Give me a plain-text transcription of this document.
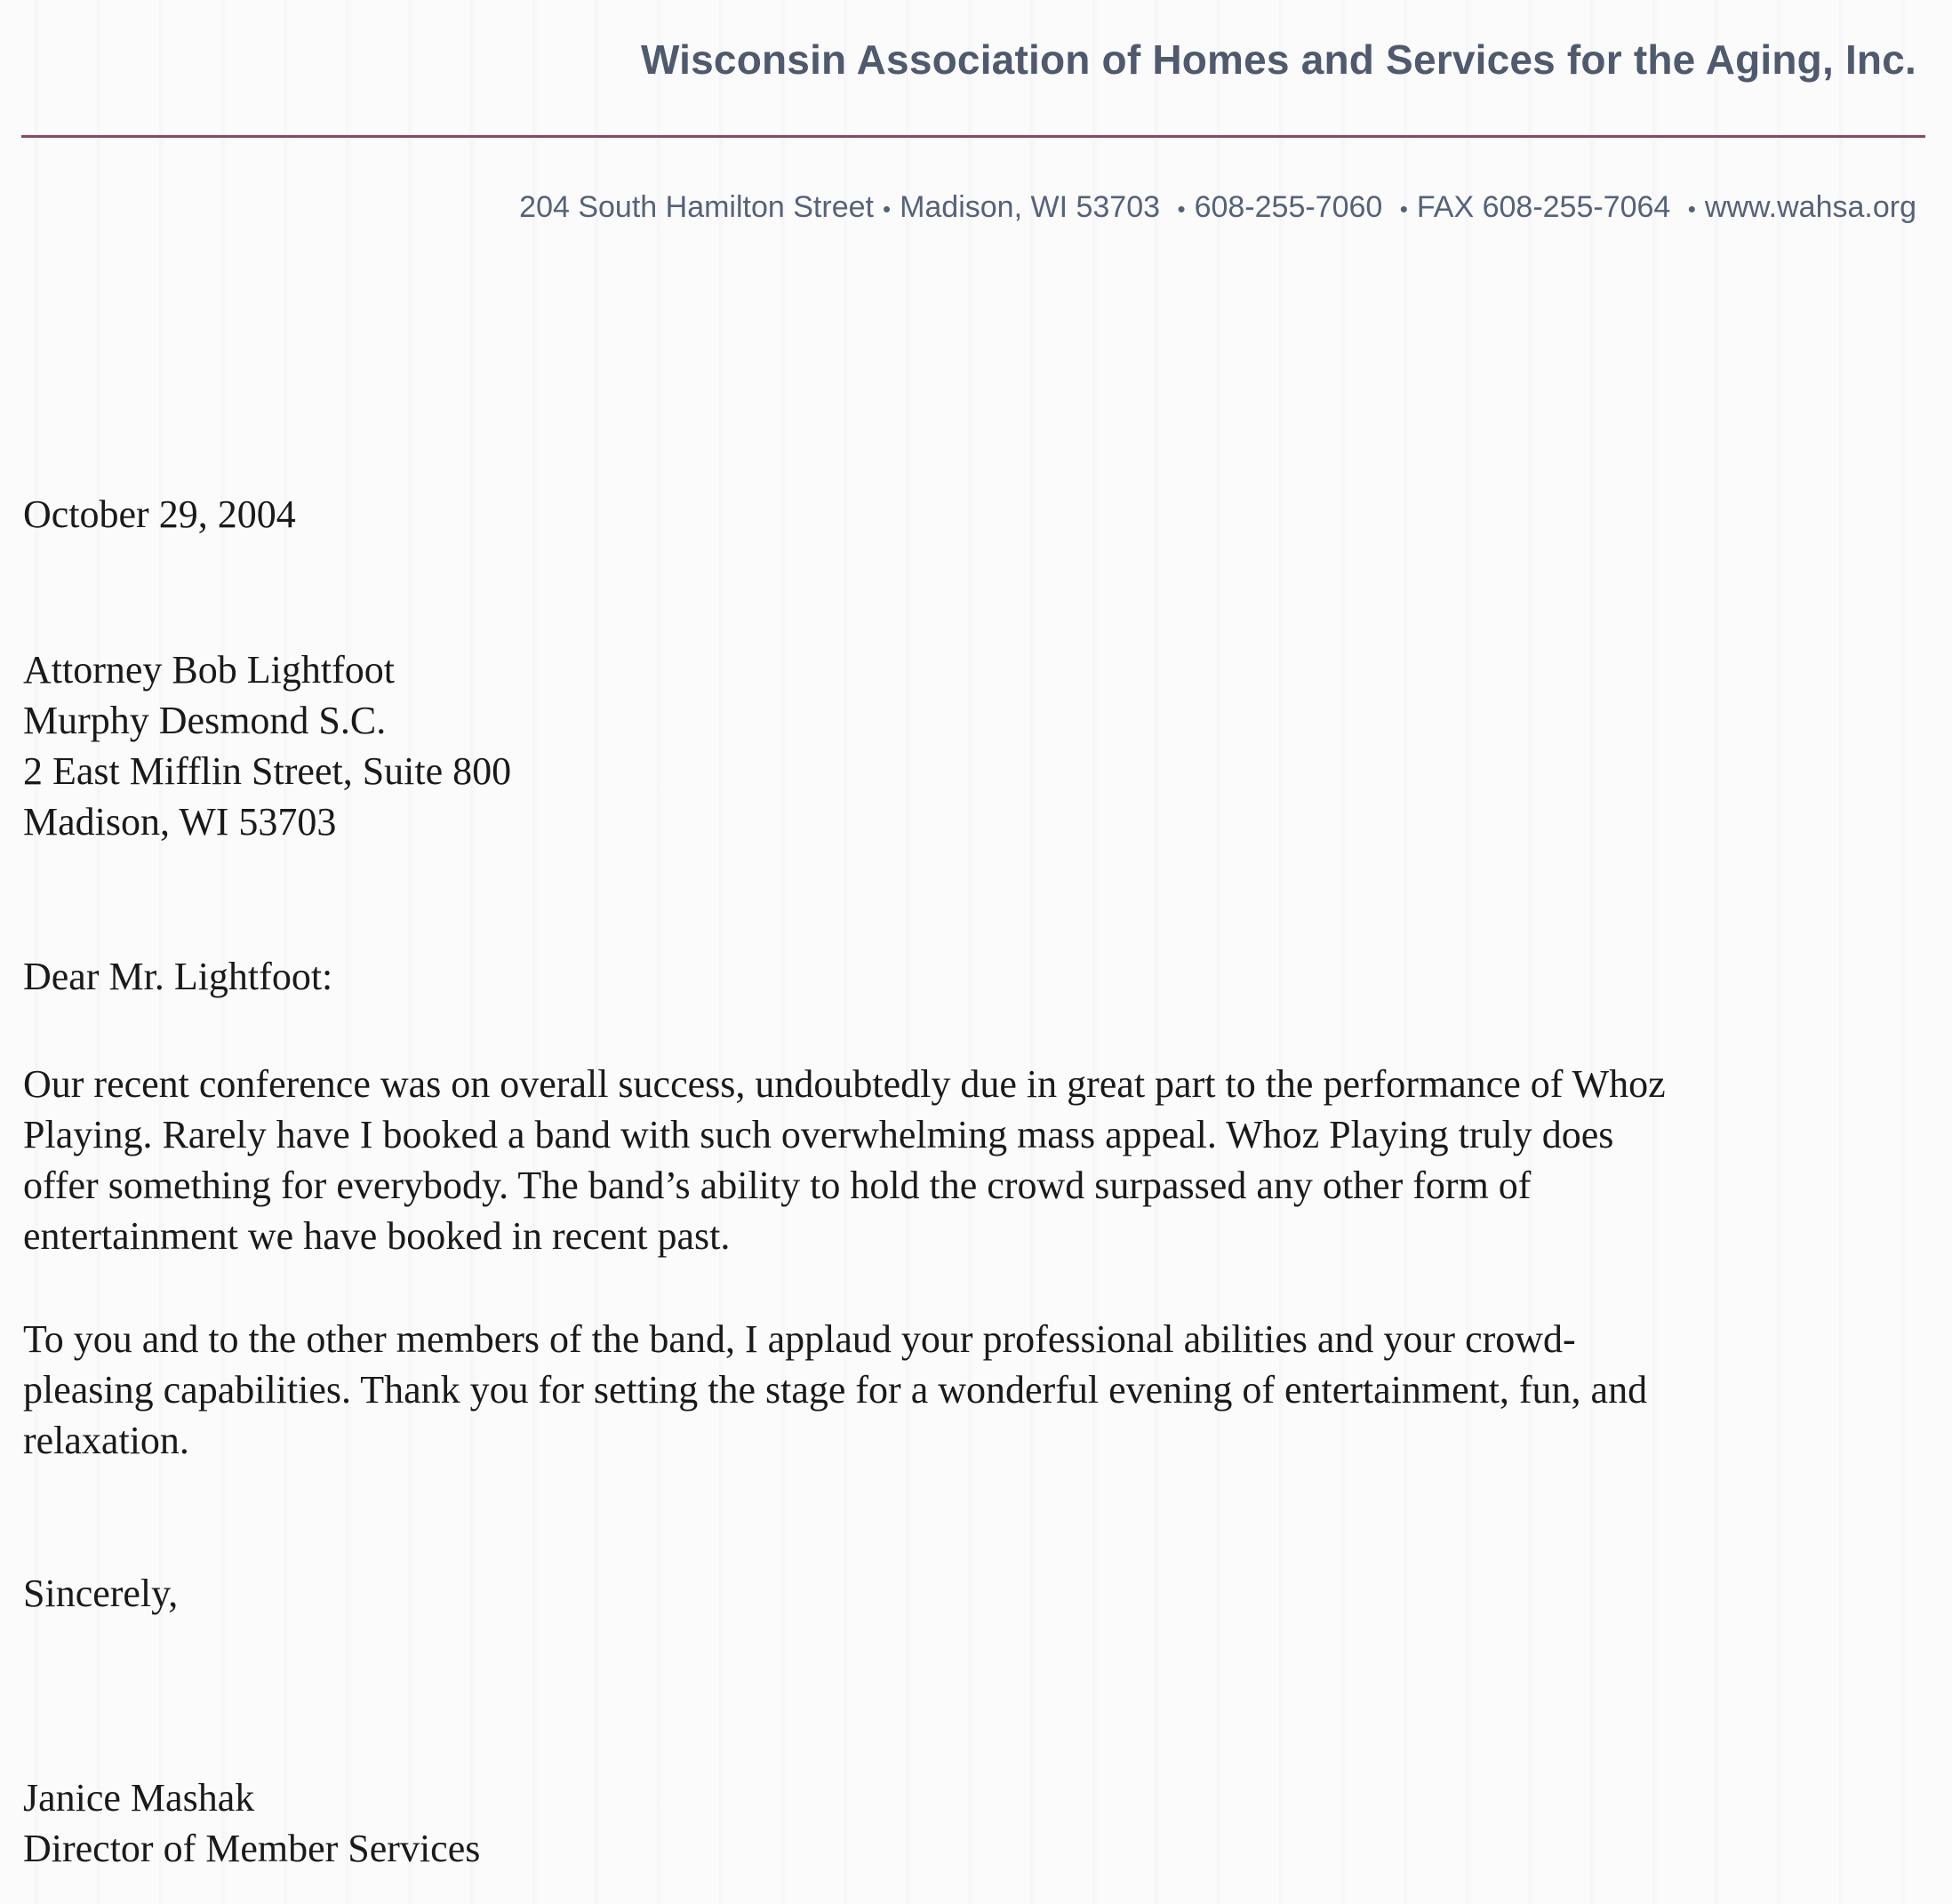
Wisconsin Association of Homes and Services for the Aging, Inc.
204 South Hamilton Street • Madison, WI 53703 • 608-255-7060 • FAX 608-255-7064 • www.wahsa.org
October 29, 2004
Attorney Bob Lightfoot
Murphy Desmond S.C.
2 East Mifflin Street, Suite 800
Madison, WI 53703
Dear Mr. Lightfoot:
Our recent conference was on overall success, undoubtedly due in great part to the performance of Whoz
Playing. Rarely have I booked a band with such overwhelming mass appeal. Whoz Playing truly does
offer something for everybody. The band’s ability to hold the crowd surpassed any other form of
entertainment we have booked in recent past.
To you and to the other members of the band, I applaud your professional abilities and your crowd-
pleasing capabilities. Thank you for setting the stage for a wonderful evening of entertainment, fun, and
relaxation.
Sincerely,
Janice Mashak
Director of Member Services
